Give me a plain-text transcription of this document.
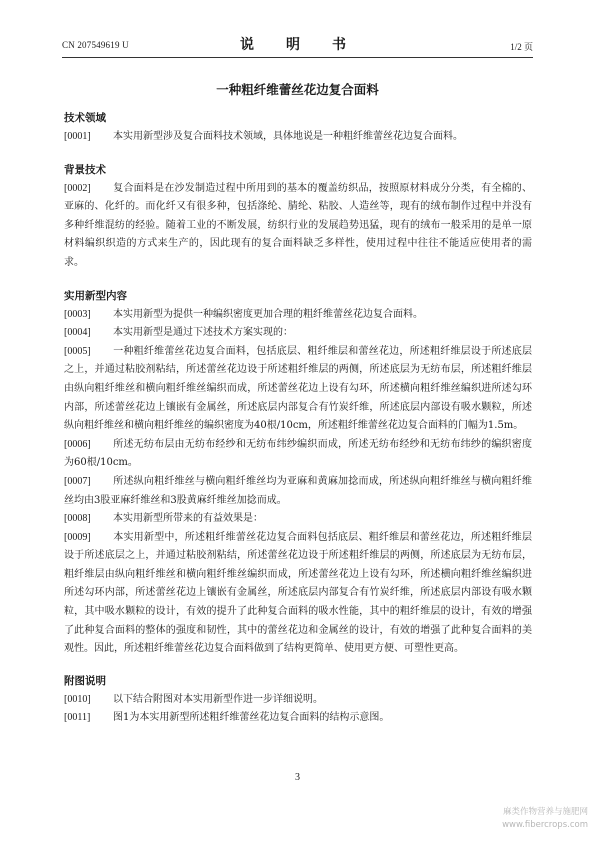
CN 207549619 U	说　明　书	1/2 页
一种粗纤维蕾丝花边复合面料
技术领域

[0001] 本实用新型涉及复合面料技术领域，具体地说是一种粗纤维蕾丝花边复合面料。

背景技术

[0002] 复合面料是在沙发制造过程中所用到的基本的覆盖纺织品，按照原材料成分分类，有全棉的、亚麻的、化纤的。而化纤又有很多种，包括涤纶、腈纶、粘胶、人造丝等，现有的绒布制作过程中并没有多种纤维混纺的经验。随着工业的不断发展，纺织行业的发展趋势迅猛，现有的绒布一般采用的是单一原材料编织织造的方式来生产的，因此现有的复合面料缺乏多样性，使用过程中往往不能适应使用者的需求。

实用新型内容

[0003] 本实用新型为提供一种编织密度更加合理的粗纤维蕾丝花边复合面料。

[0004] 本实用新型是通过下述技术方案实现的：

[0005] 一种粗纤维蕾丝花边复合面料，包括底层、粗纤维层和蕾丝花边，所述粗纤维层设于所述底层之上，并通过粘胶剂粘结，所述蕾丝花边设于所述粗纤维层的两侧，所述底层为无纺布层，所述粗纤维层由纵向粗纤维丝和横向粗纤维丝编织而成，所述蕾丝花边上设有勾环，所述横向粗纤维丝编织进所述勾环内部，所述蕾丝花边上镶嵌有金属丝，所述底层内部复合有竹炭纤维，所述底层内部设有吸水颗粒，所述纵向粗纤维丝和横向粗纤维丝的编织密度为40根/10cm，所述粗纤维蕾丝花边复合面料的门幅为1.5m。

[0006] 所述无纺布层由无纺布经纱和无纺布纬纱编织而成，所述无纺布经纱和无纺布纬纱的编织密度为60根/10cm。

[0007] 所述纵向粗纤维丝与横向粗纤维丝均为亚麻和黄麻加捻而成，所述纵向粗纤维丝与横向粗纤维丝均由3股亚麻纤维丝和3股黄麻纤维丝加捻而成。

[0008] 本实用新型所带来的有益效果是：

[0009] 本实用新型中，所述粗纤维蕾丝花边复合面料包括底层、粗纤维层和蕾丝花边，所述粗纤维层设于所述底层之上，并通过粘胶剂粘结，所述蕾丝花边设于所述粗纤维层的两侧，所述底层为无纺布层，粗纤维层由纵向粗纤维丝和横向粗纤维丝编织而成，所述蕾丝花边上设有勾环，所述横向粗纤维丝编织进所述勾环内部，所述蕾丝花边上镶嵌有金属丝，所述底层内部复合有竹炭纤维，所述底层内部设有吸水颗粒，其中吸水颗粒的设计，有效的提升了此种复合面料的吸水性能，其中的粗纤维层的设计，有效的增强了此种复合面料的整体的强度和韧性，其中的蕾丝花边和金属丝的设计，有效的增强了此种复合面料的美观性。因此，所述粗纤维蕾丝花边复合面料做到了结构更简单、使用更方便、可塑性更高。

附图说明

[0010] 以下结合附图对本实用新型作进一步详细说明。

[0011] 图1为本实用新型所述粗纤维蕾丝花边复合面料的结构示意图。

3
麻类作物营养与施肥网
www.fibercrops.com
